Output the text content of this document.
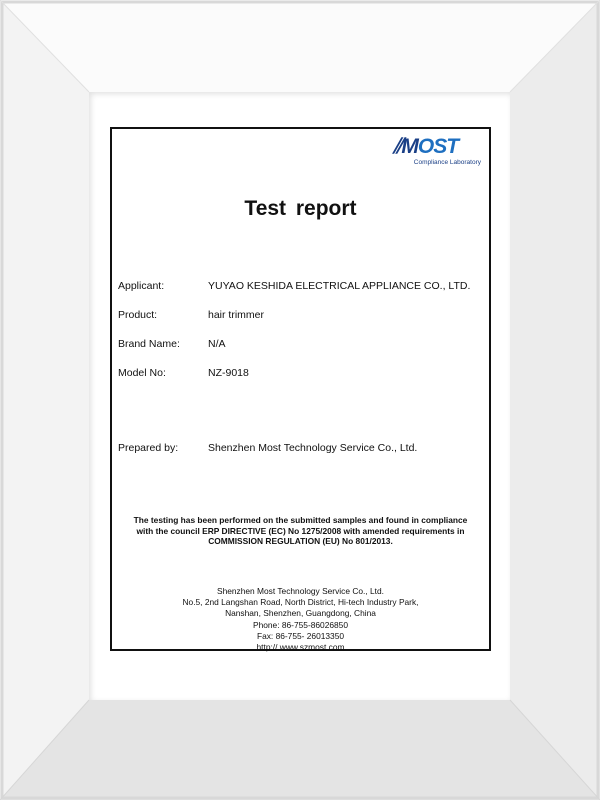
⫽MOST
Compliance Laboratory
Test report
Applicant:	YUYAO KESHIDA ELECTRICAL APPLIANCE CO., LTD.
Product:	hair trimmer
Brand Name:	N/A
Model No:	NZ-9018
Prepared by:	Shenzhen Most Technology Service Co., Ltd.
The testing has been performed on the submitted samples and found in compliance
with the council ERP DIRECTIVE (EC) No 1275/2008 with amended requirements in
COMMISSION REGULATION (EU) No 801/2013.
Shenzhen Most Technology Service Co., Ltd.
No.5, 2nd Langshan Road, North District, Hi-tech Industry Park,
Nanshan, Shenzhen, Guangdong, China
Phone: 86-755-86026850
Fax: 86-755- 26013350
http:// www.szmost.com
